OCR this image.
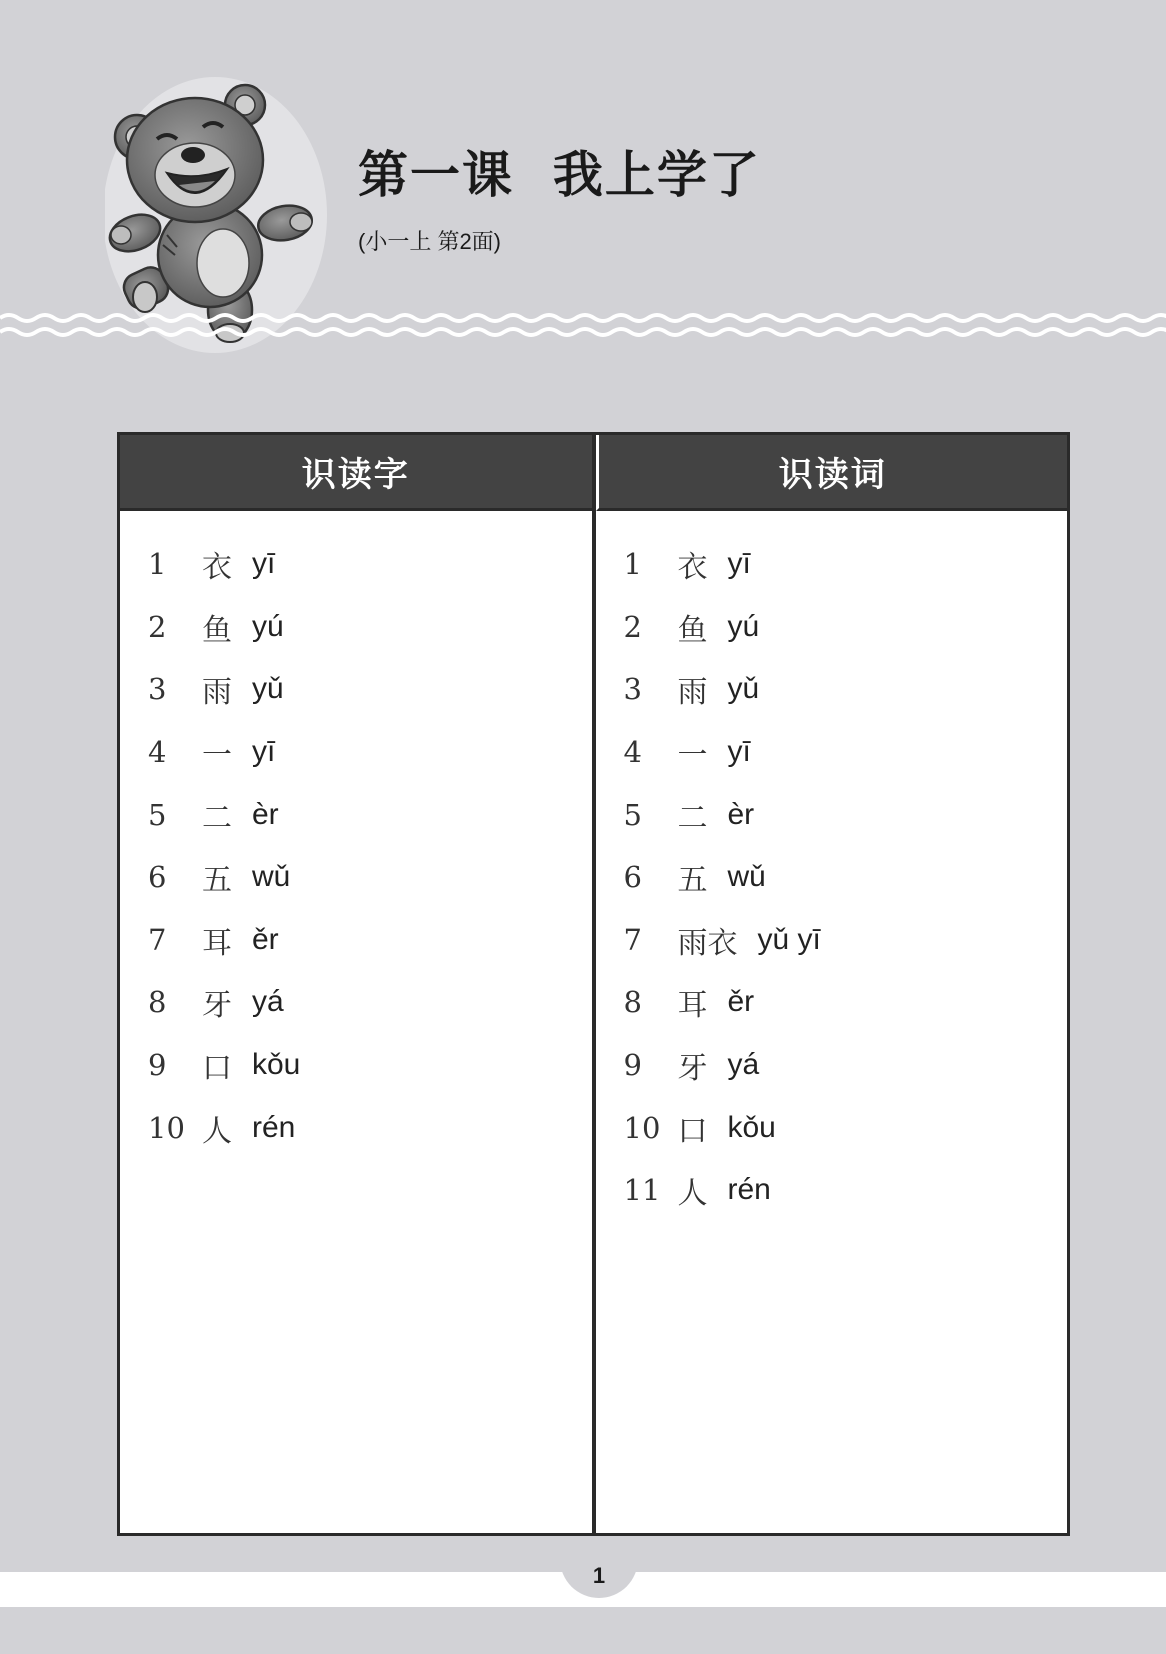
第一课  我上学了
(小一上 第2面)
识读字
1	衣 yī
2	鱼 yú
3	雨 yǔ
4	一 yī
5	二 èr
6	五 wǔ
7	耳 ěr
8	牙 yá
9	口 kǒu
10 人 rén
识读词
1	衣 yī
2	鱼 yú
3	雨 yǔ
4	一 yī
5	二 èr
6	五 wǔ
7	雨衣 yǔ yī
8	耳 ěr
9	牙 yá
10 口 kǒu
11 人 rén
1
